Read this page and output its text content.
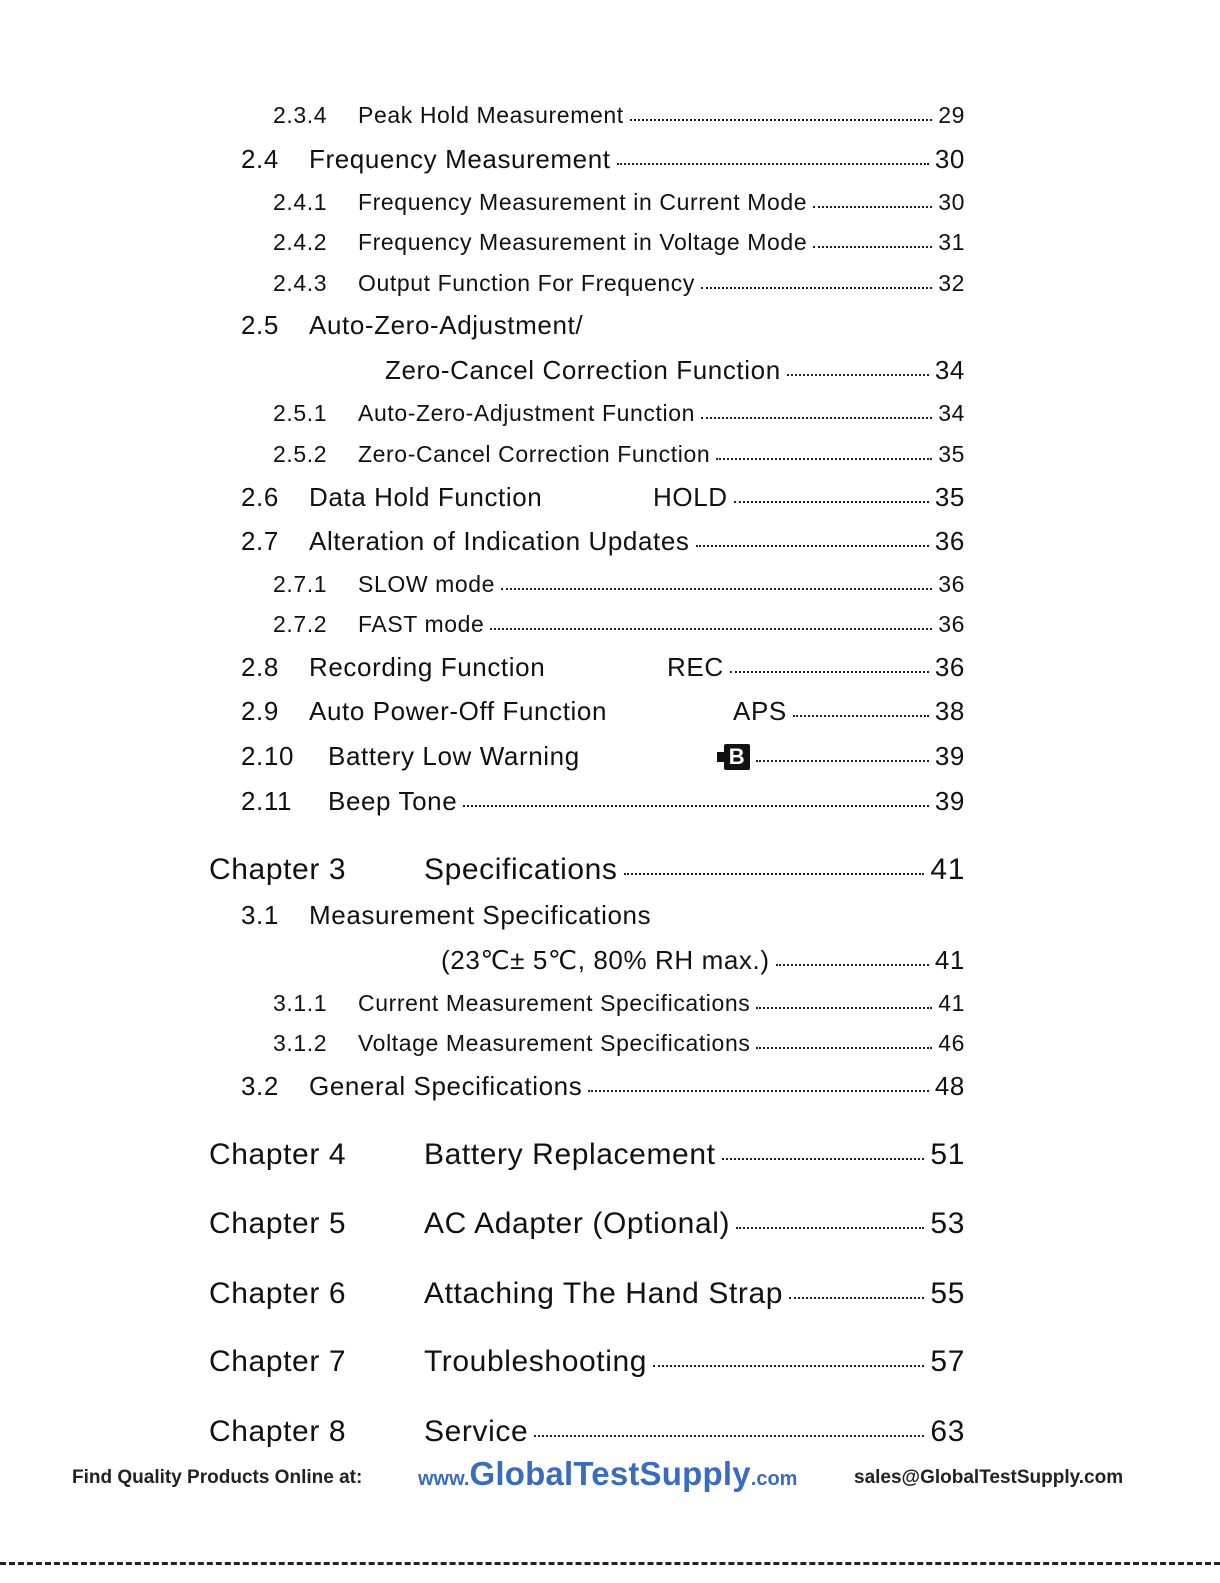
2.3.4	Peak Hold Measurement	29
2.4	Frequency Measurement	30
2.4.1	Frequency Measurement in Current Mode	30
2.4.2	Frequency Measurement in Voltage Mode	31
2.4.3	Output Function For Frequency	32
2.5 Auto-Zero-Adjustment/
Zero-Cancel Correction Function	34
2.5.1	Auto-Zero-Adjustment Function	34
2.5.2	Zero-Cancel Correction Function	35
2.6	Data Hold Function	HOLD	35
2.7	Alteration of Indication Updates	36
2.7.1	SLOW mode	36
2.7.2	FAST mode	36
2.8	Recording Function	REC	36
2.9	Auto Power-Off Function	APS	38
2.10	Battery Low Warning	B	39
2.11	Beep Tone	39
Chapter 3	Specifications	41
3.1 Measurement Specifications
(23℃± 5℃, 80% RH max.)	41
3.1.1	Current Measurement Specifications	41
3.1.2	Voltage Measurement Specifications	46
3.2	General Specifications	48
Chapter 4	Battery Replacement	51
Chapter 5	AC Adapter (Optional)	53
Chapter 6	Attaching The Hand Strap	55
Chapter 7	Troubleshooting	57
Chapter 8	Service	63
Find Quality Products Online at:	www.GlobalTestSupply.com	sales@GlobalTestSupply.com
